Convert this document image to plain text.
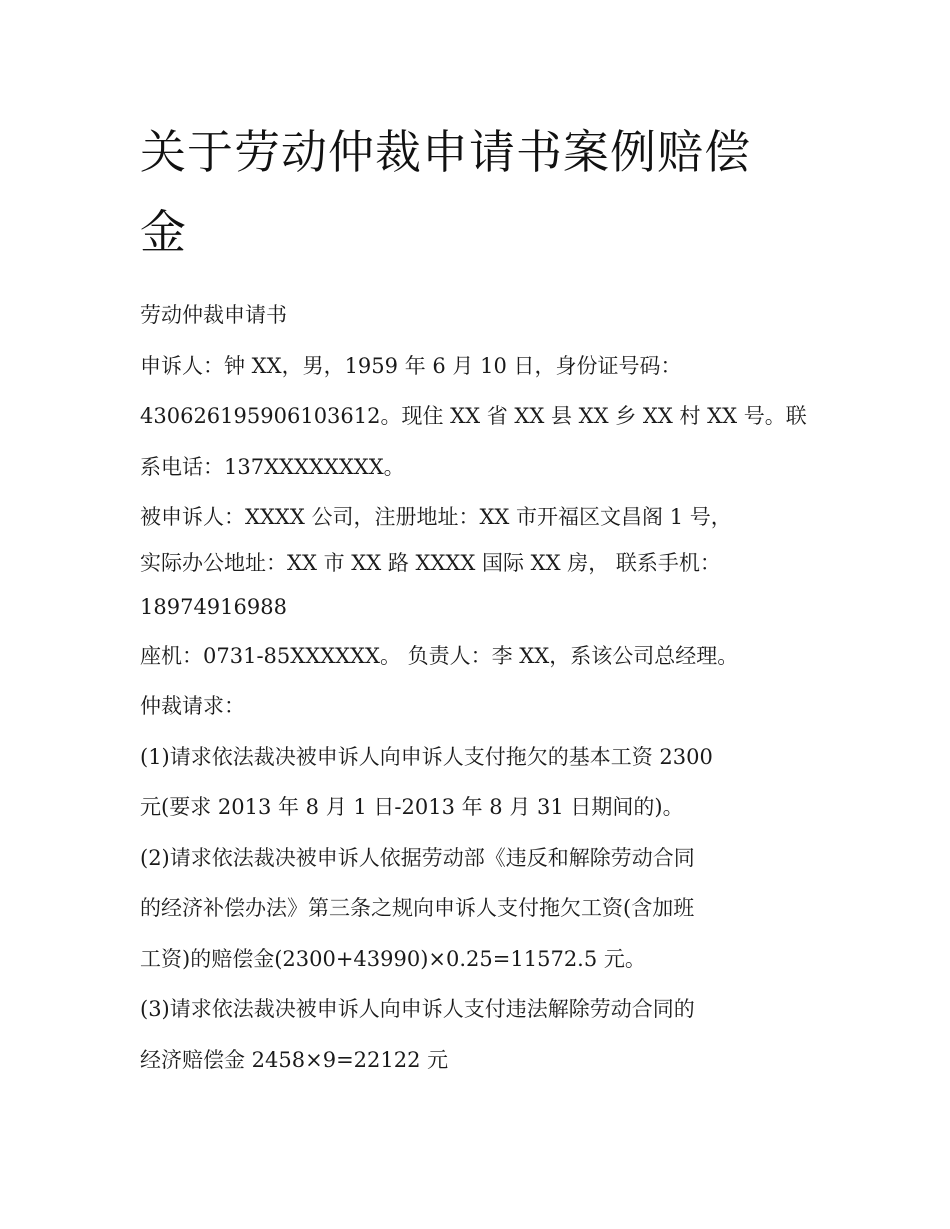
关于劳动仲裁申请书案例赔偿
金
劳动仲裁申请书
申诉人：钟 XX，男，1959 年 6 月 10 日，身份证号码：
430626195906103612。现住 XX 省 XX 县 XX 乡 XX 村 XX 号。联
系电话：137XXXXXXXX。
被申诉人：XXXX 公司，注册地址：XX 市开福区文昌阁 1 号，
实际办公地址：XX 市 XX 路 XXXX 国际 XX 房， 联系手机：
18974916988
座机：0731-85XXXXXX。 负责人：李 XX，系该公司总经理。
仲裁请求：
(1)请求依法裁决被申诉人向申诉人支付拖欠的基本工资 2300
元(要求 2013 年 8 月 1 日-2013 年 8 月 31 日期间的)。
(2)请求依法裁决被申诉人依据劳动部《违反和解除劳动合同
的经济补偿办法》第三条之规向申诉人支付拖欠工资(含加班
工资)的赔偿金(2300+43990)×0.25=11572.5 元。
(3)请求依法裁决被申诉人向申诉人支付违法解除劳动合同的
经济赔偿金 2458×9=22122 元
